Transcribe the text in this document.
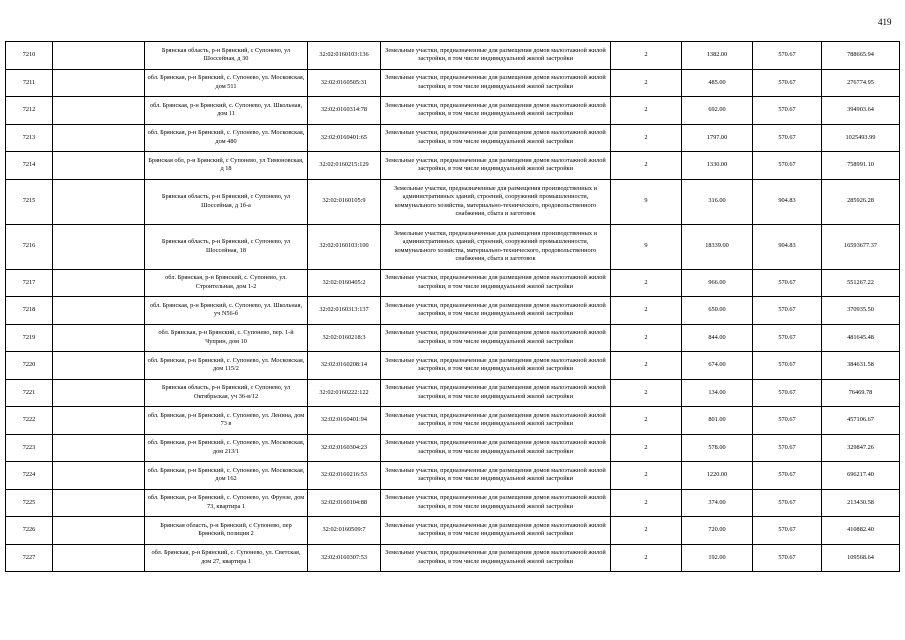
419
7210		Брянская область, р-н Брянский, с Супонево, ул Шоссейная, д 30	32:02:0160103:136	Земельные участки, предназначенные для размещения домов малоэтажной жилой застройки, в том числе индивидуальной жилой застройки	2	1382.00	570.67	788665.94
7211		обл. Брянская, р-н Брянский, с. Супонево, ул. Московская, дом 511	32:02:0160505:31	Земельные участки, предназначенные для размещения домов малоэтажной жилой застройки, в том числе индивидуальной жилой застройки	2	485.00	570.67	276774.95
7212		обл. Брянская, р-н Брянский, с. Супонево, ул. Школьная, дом 11	32:02:0160314:78	Земельные участки, предназначенные для размещения домов малоэтажной жилой застройки, в том числе индивидуальной жилой застройки	2	692.00	570.67	394903.64
7213		обл. Брянская, р-н Брянский, с. Супонево, ул. Московская, дом 480	32:02:0160401:65	Земельные участки, предназначенные для размещения домов малоэтажной жилой застройки, в том числе индивидуальной жилой застройки	2	1797.00	570.67	1025493.99
7214		Брянская обл, р-н Брянский, с Супонево, ул Тимоновская, д 18	32:02:0160215:129	Земельные участки, предназначенные для размещения домов малоэтажной жилой застройки, в том числе индивидуальной жилой застройки	2	1330.00	570.67	758991.10
7215		Брянская область, р-н Брянский, с Супонево, ул Шоссейная, д 1б-а	32:02:0160105:9	Земельные участки, предназначенные для размещения производственных и административных зданий, строений, сооружений промышленности, коммунального хозяйства, материально-технического, продовольственного снабжения, сбыта и заготовок	9	316.00	904.83	285926.28
7216		Брянская область, р-н Брянский, с Супонево, ул Шоссейная, 18	32:02:0160103:100	Земельные участки, предназначенные для размещения производственных и административных зданий, строений, сооружений промышленности, коммунального хозяйства, материально-технического, продовольственного снабжения, сбыта и заготовок	9	18339.00	904.83	16593677.37
7217		обл. Брянская, р-н Брянский, с. Супонево, ул. Строительная, дом 1-2	32:02:0160405:2	Земельные участки, предназначенные для размещения домов малоэтажной жилой застройки, в том числе индивидуальной жилой застройки	2	966.00	570.67	551267.22
7218		обл. Брянская, р-н Брянский, с. Супонево, ул. Школьная, уч N56-б	32:02:0160313:137	Земельные участки, предназначенные для размещения домов малоэтажной жилой застройки, в том числе индивидуальной жилой застройки	2	650.00	570.67	370935.50
7219		обл. Брянская, р-н Брянский, с. Супонево, пер. 1-й Чуприн, дом 10	32:02:0160218:3	Земельные участки, предназначенные для размещения домов малоэтажной жилой застройки, в том числе индивидуальной жилой застройки	2	844.00	570.67	481645.48
7220		обл. Брянская, р-н Брянский, с. Супонево, ул. Московская, дом 115/2	32:02:0160208:14	Земельные участки, предназначенные для размещения домов малоэтажной жилой застройки, в том числе индивидуальной жилой застройки	2	674.00	570.67	384631.58
7221		Брянская область, р-н Брянский, с Супонево, ул Октябрьская, уч 36-в/12	32:02:0160222:122	Земельные участки, предназначенные для размещения домов малоэтажной жилой застройки, в том числе индивидуальной жилой застройки	2	134.00	570.67	76469.78
7222		обл. Брянская, р-н Брянский, с. Супонево, ул. Ленина, дом 73 в	32:02:0160401:94	Земельные участки, предназначенные для размещения домов малоэтажной жилой застройки, в том числе индивидуальной жилой застройки	2	801.00	570.67	457106.67
7223		обл. Брянская, р-н Брянский, с. Супонево, ул. Московская, дом 213/1	32:02:0160304:23	Земельные участки, предназначенные для размещения домов малоэтажной жилой застройки, в том числе индивидуальной жилой застройки	2	578.00	570.67	329847.26
7224		обл. Брянская, р-н Брянский, с. Супонево, ул. Московская, дом 162	32:02:0160216:53	Земельные участки, предназначенные для размещения домов малоэтажной жилой застройки, в том числе индивидуальной жилой застройки	2	1220.00	570.67	696217.40
7225		обл. Брянская, р-н Брянский, с. Супонево, ул. Фрунзе, дом 73, квартира 1	32:02:0160104:88	Земельные участки, предназначенные для размещения домов малоэтажной жилой застройки, в том числе индивидуальной жилой застройки	2	374.00	570.67	213430.58
7226		Брянская область, р-н Брянский, с Супонево, пер Брянский, позиция 2	32:02:0160509:7	Земельные участки, предназначенные для размещения домов малоэтажной жилой застройки, в том числе индивидуальной жилой застройки	2	720.00	570.67	410882.40
7227		обл. Брянская, р-н Брянский, с. Супонево, ул. Светская, дом 27, квартира 1	32:02:0160307:53	Земельные участки, предназначенные для размещения домов малоэтажной жилой застройки, в том числе индивидуальной жилой застройки	2	192.00	570.67	109568.64
